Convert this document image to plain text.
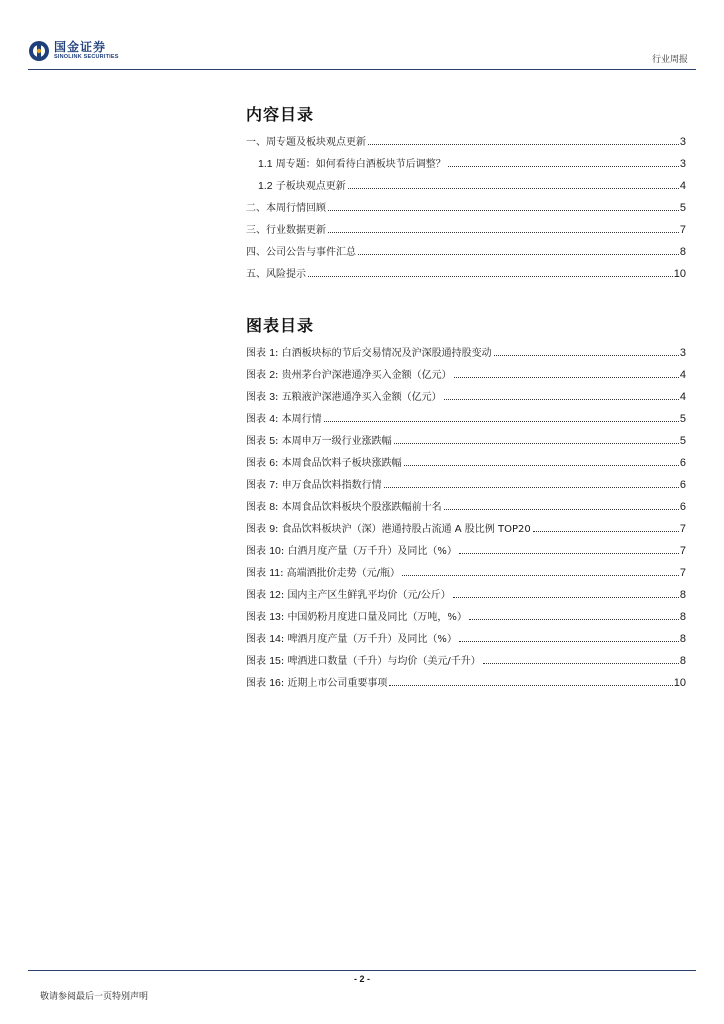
国金证券
SINOLINK SECURITIES	行业周报
内容目录
一、周专题及板块观点更新	3
1.1 周专题：如何看待白酒板块节后调整？	3
1.2 子板块观点更新	4
二、本周行情回顾	5
三、行业数据更新	7
四、公司公告与事件汇总	8
五、风险提示	10
图表目录
图表 1: 白酒板块标的节后交易情况及沪深股通持股变动	3
图表 2: 贵州茅台沪深港通净买入金额（亿元）	4
图表 3: 五粮液沪深港通净买入金额（亿元）	4
图表 4: 本周行情	5
图表 5: 本周申万一级行业涨跌幅	5
图表 6: 本周食品饮料子板块涨跌幅	6
图表 7: 申万食品饮料指数行情	6
图表 8: 本周食品饮料板块个股涨跌幅前十名	6
图表 9: 食品饮料板块沪（深）港通持股占流通 A 股比例 TOP20	7
图表 10: 白酒月度产量（万千升）及同比（%）	7
图表 11: 高端酒批价走势（元/瓶）	7
图表 12: 国内主产区生鲜乳平均价（元/公斤）	8
图表 13: 中国奶粉月度进口量及同比（万吨，%）	8
图表 14: 啤酒月度产量（万千升）及同比（%）	8
图表 15: 啤酒进口数量（千升）与均价（美元/千升）	8
图表 16: 近期上市公司重要事项	10
- 2 -
敬请参阅最后一页特别声明
